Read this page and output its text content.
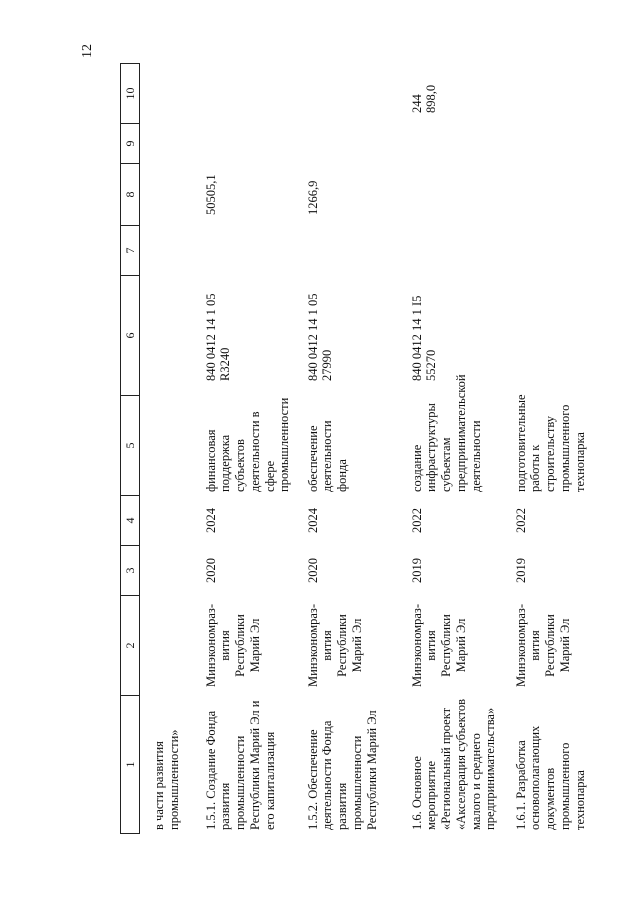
12
1	2	3	4	5	6	7	8	9	10
в части развития промышленности»									
1.5.1. Создание Фонда развития промышленности Республики Марий Эл и его капитализация	Минэкономраз-вития Республики Марий Эл	2020	2024	финансовая поддержка субъектов деятельности в сфере промышленности	840 0412 14 1 05 R3240		50505,1		
1.5.2. Обеспечение деятельности Фонда развития промышленности Республики Марий Эл	Минэкономраз-вития Республики Марий Эл	2020	2024	обеспечение деятельности фонда	840 0412 14 1 05 27990		1266,9		
1.6. Основное мероприятие «Региональный проект «Акселерация субъектов малого и среднего предпринимательства»	Минэкономраз-вития Республики Марий Эл	2019	2022	создание инфраструктуры субъектам предпринимательской деятельности	840 0412 14 1 I5 55270				244 898,0
1.6.1. Разработка основополагающих документов промышленного технопарка	Минэкономраз-вития Республики Марий Эл	2019	2022	подготовительные работы к строительству промышленного технопарка					
